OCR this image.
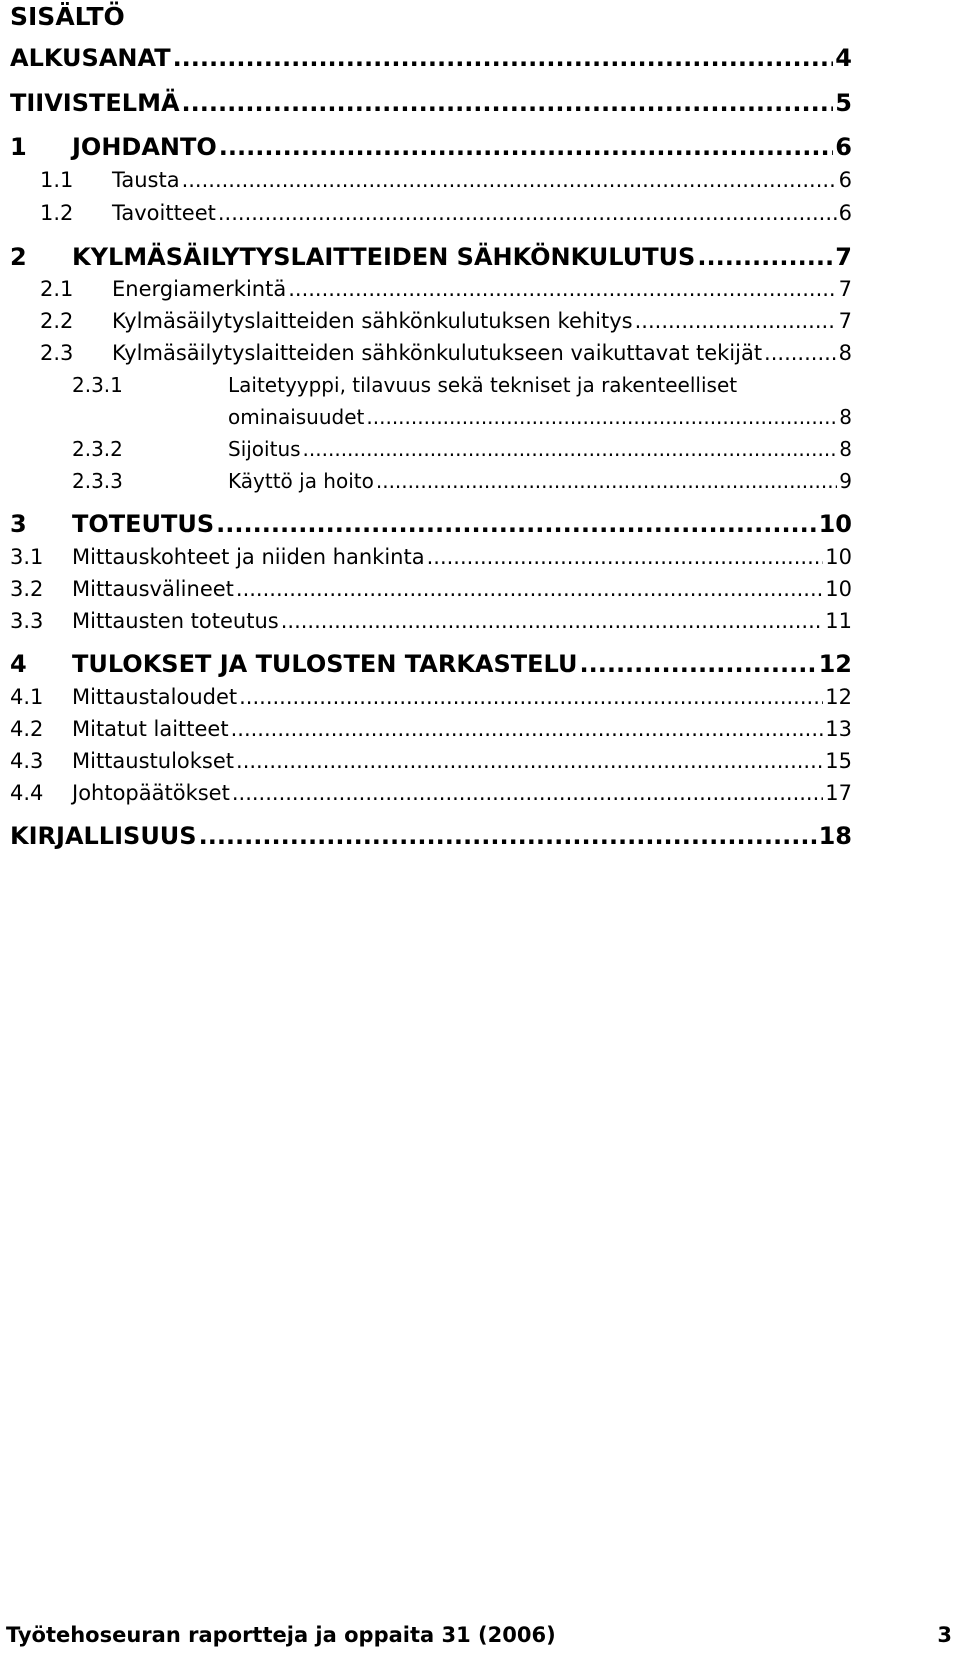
SISÄLTÖ
ALKUSANAT .....	4
TIIVISTELMÄ .....	5
1	JOHDANTO .....	6
1.1	Tausta .....	6
1.2	Tavoitteet .....	6
2	KYLMÄSÄILYTYSLAITTEIDEN SÄHKÖNKULUTUS .....	7
2.1	Energiamerkintä .....	7
2.2	Kylmäsäilytyslaitteiden sähkönkulutuksen kehitys .....	7
2.3	Kylmäsäilytyslaitteiden sähkönkulutukseen vaikuttavat tekijät .....	8
2.3.1	Laitetyyppi, tilavuus sekä tekniset ja rakenteelliset
ominaisuudet .....	8
2.3.2	Sijoitus .....	8
2.3.3	Käyttö ja hoito .....	9
3	TOTEUTUS .....	10
3.1	Mittauskohteet ja niiden hankinta .....	10
3.2	Mittausvälineet .....	10
3.3	Mittausten toteutus .....	11
4	TULOKSET JA TULOSTEN TARKASTELU .....	12
4.1	Mittaustaloudet .....	12
4.2	Mitatut laitteet .....	13
4.3	Mittaustulokset .....	15
4.4	Johtopäätökset .....	17
KIRJALLISUUS .....	18
Työtehoseuran raportteja ja oppaita 31 (2006)	3
